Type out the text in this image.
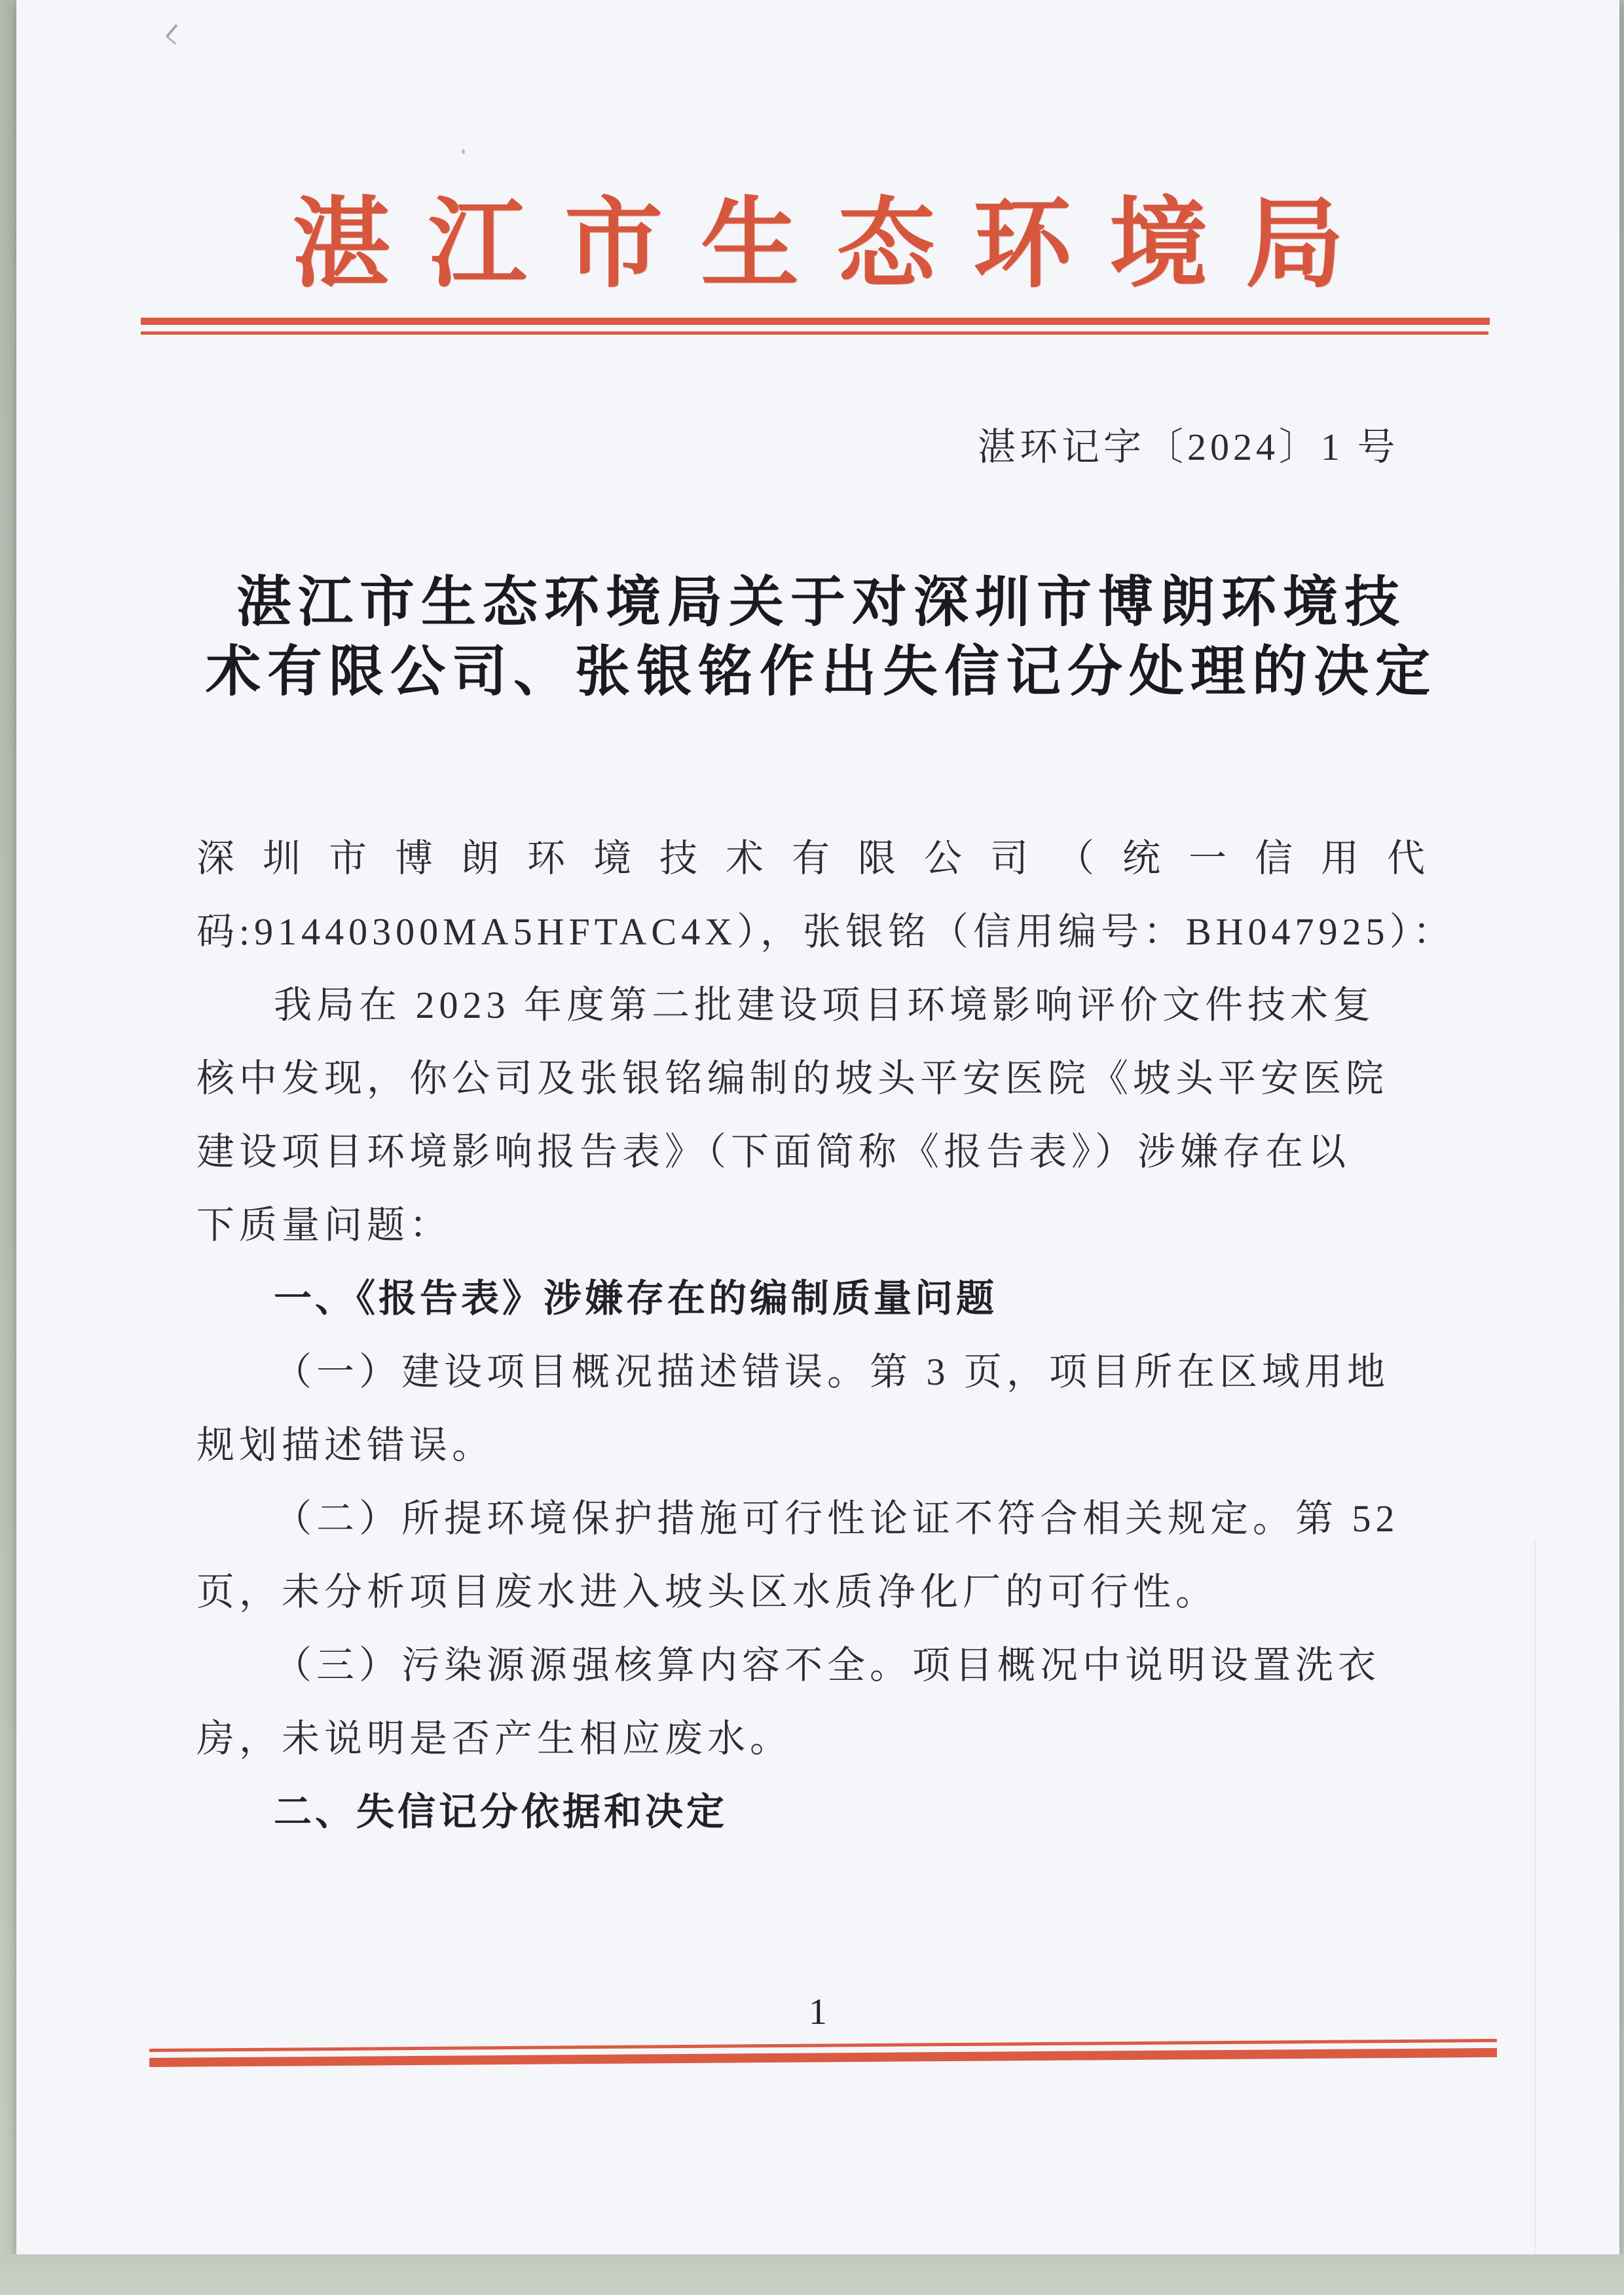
湛江市生态环境局
湛环记字〔2024〕1 号
湛江市生态环境局关于对深圳市博朗环境技
术有限公司、张银铭作出失信记分处理的决定
深圳市博朗环境技术有限公司（统一信用代
码:91440300MA5HFTAC4X），张银铭（信用编号：BH047925）：
我局在 2023 年度第二批建设项目环境影响评价文件技术复
核中发现，你公司及张银铭编制的坡头平安医院《坡头平安医院
建设项目环境影响报告表》（下面简称《报告表》）涉嫌存在以
下质量问题：
一、《报告表》涉嫌存在的编制质量问题
（一）建设项目概况描述错误。第 3 页，项目所在区域用地
规划描述错误。
（二）所提环境保护措施可行性论证不符合相关规定。第 52
页，未分析项目废水进入坡头区水质净化厂的可行性。
（三）污染源源强核算内容不全。项目概况中说明设置洗衣
房，未说明是否产生相应废水。
二、失信记分依据和决定
1
